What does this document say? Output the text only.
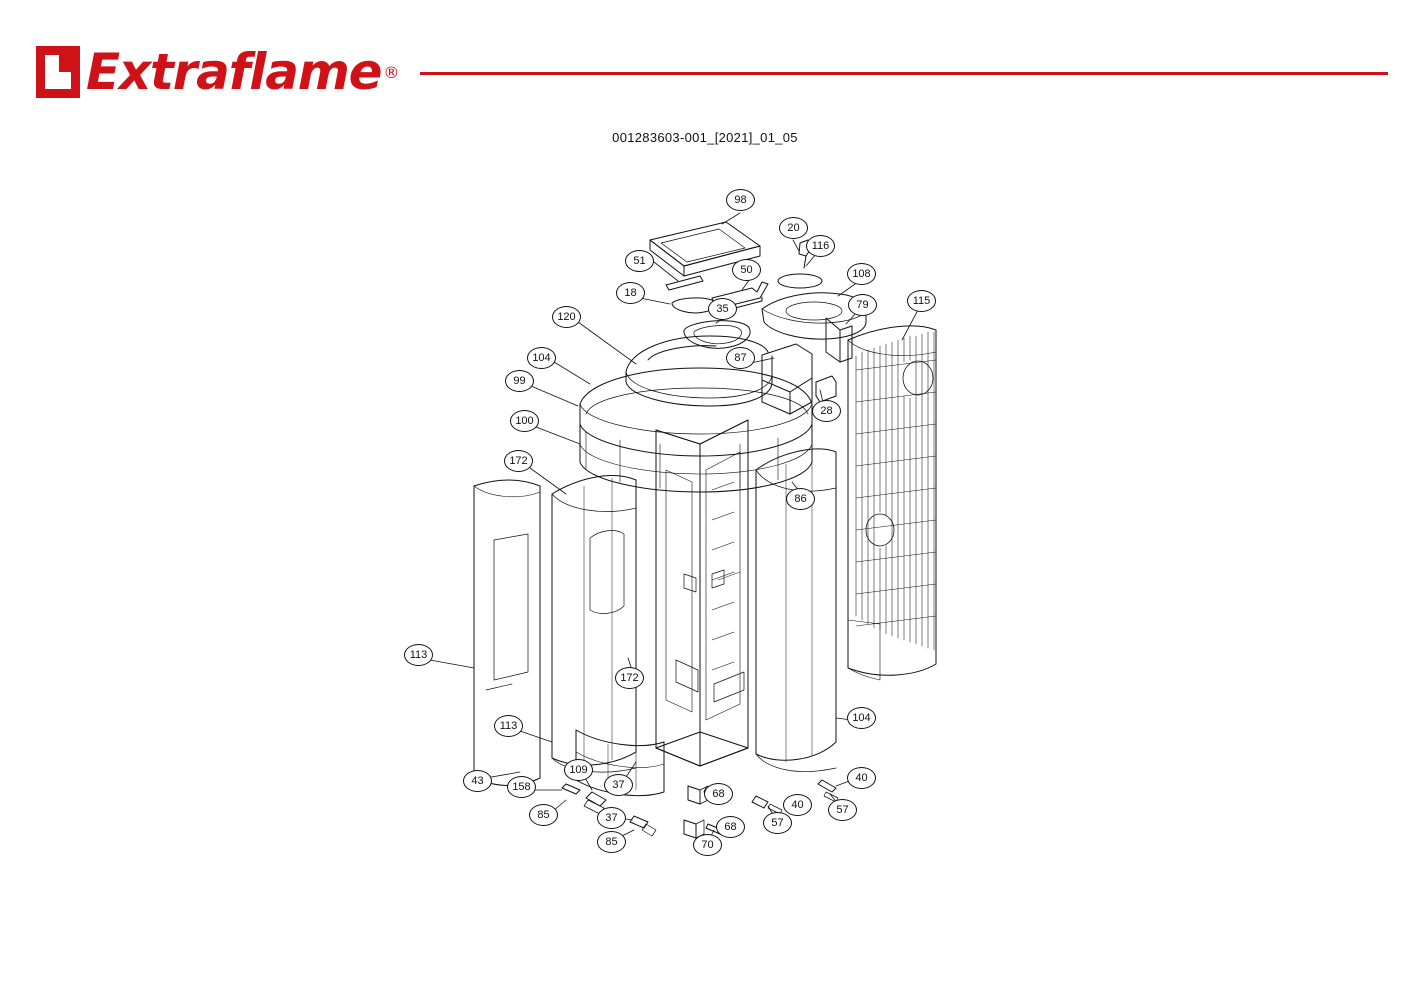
Extraflame ®
001283603-001_[2021]_01_05
98
51
20
116
50
18
35
108
79	115
120
104	87
99
28
100
172
86
113
172
104
113
109
37
40
43	158
68
40	57
85	37
68	57
85	70
